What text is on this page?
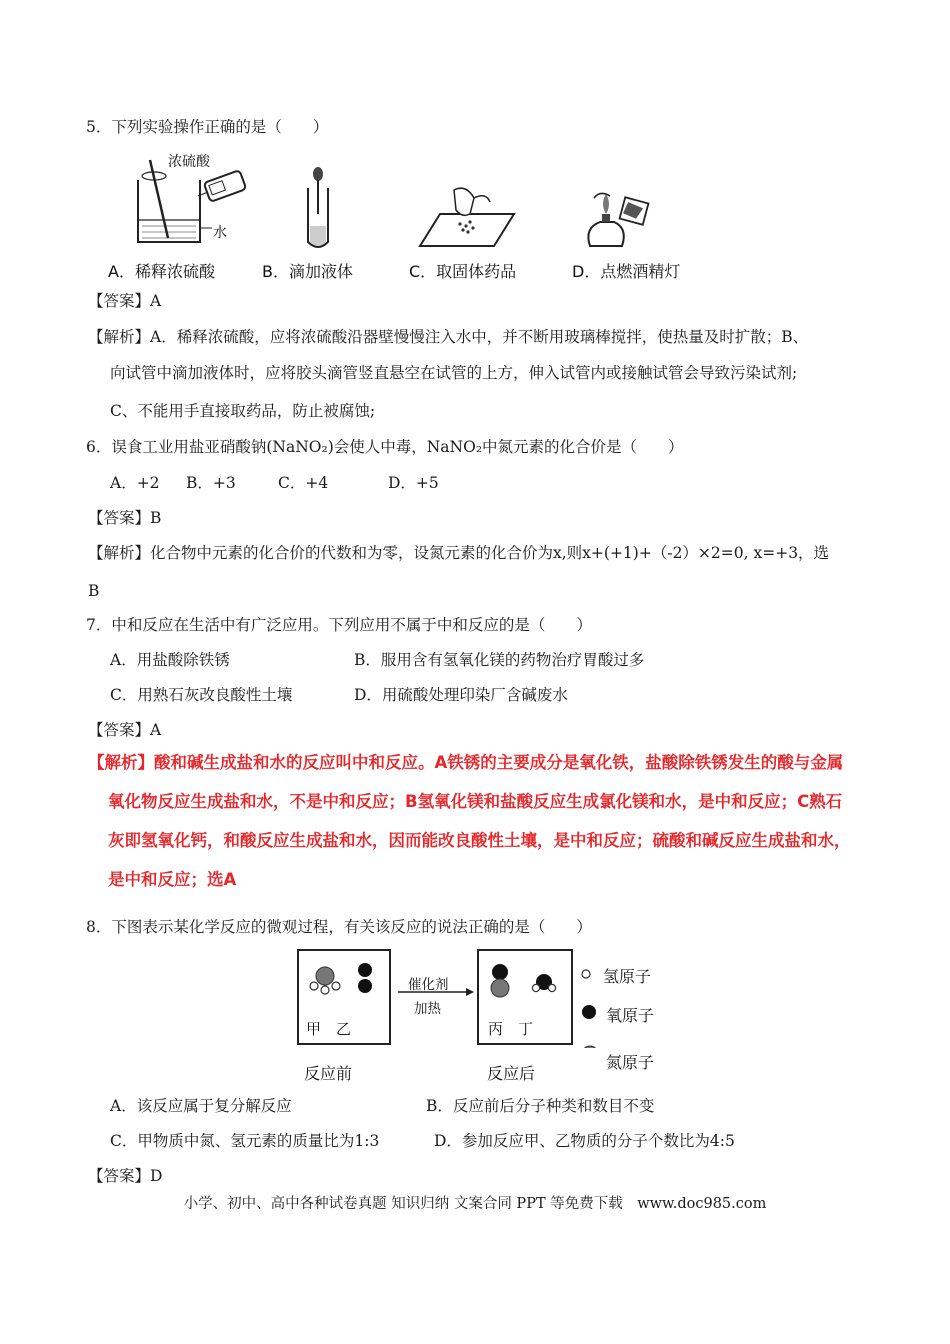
5．下列实验操作正确的是（　　）
浓硫酸
水
A．稀释浓硫酸	B．滴加液体	C．取固体药品	D．点燃酒精灯
【答案】A
【解析】A．稀释浓硫酸，应将浓硫酸沿器壁慢慢注入水中，并不断用玻璃棒搅拌，使热量及时扩散；B、
向试管中滴加液体时，应将胶头滴管竖直悬空在试管的上方，伸入试管内或接触试管会导致污染试剂;
C、不能用手直接取药品，防止被腐蚀;
6．误食工业用盐亚硝酸钠(NaNO₂)会使人中毒，NaNO₂中氮元素的化合价是（　　）
A．+2 B．+3	C．+4	D．+5
【答案】B
【解析】化合物中元素的化合价的代数和为零，设氮元素的化合价为x,则x+(+1)+（-2）×2=0, x=+3，选
B
7．中和反应在生活中有广泛应用。下列应用不属于中和反应的是（　　）
A．用盐酸除铁锈	B．服用含有氢氧化镁的药物治疗胃酸过多
C．用熟石灰改良酸性土壤	D．用硫酸处理印染厂含碱废水
【答案】A
【解析】酸和碱生成盐和水的反应叫中和反应。A铁锈的主要成分是氧化铁，盐酸除铁锈发生的酸与金属
氧化物反应生成盐和水，不是中和反应；B氢氧化镁和盐酸反应生成氯化镁和水，是中和反应；C熟石
灰即氢氧化钙，和酸反应生成盐和水，因而能改良酸性土壤，是中和反应；硫酸和碱反应生成盐和水，
是中和反应；选A
8．下图表示某化学反应的微观过程，有关该反应的说法正确的是（　　）
甲　乙	丙　丁
催化剂
加热
氢原子
氧原子
氮原子
反应前	反应后
A．该反应属于复分解反应	B．反应前后分子种类和数目不变
C．甲物质中氮、氢元素的质量比为1:3	D．参加反应甲、乙物质的分子个数比为4:5
【答案】D
小学、初中、高中各种试卷真题 知识归纳 文案合同 PPT 等免费下载　www.doc985.com
